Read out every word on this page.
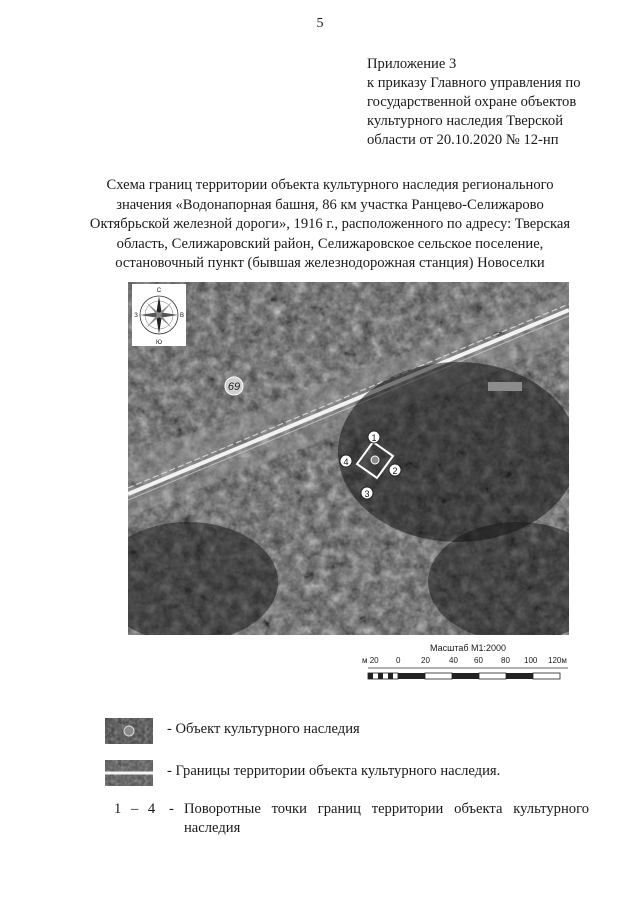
5
Приложение 3
к приказу Главного управления по
государственной охране объектов
культурного наследия Тверской
области от 20.10.2020 № 12-нп
Схема границ территории объекта культурного наследия регионального
значения «Водонапорная башня, 86 км участка Ранцево-Селижарово
Октябрьской железной дороги», 1916 г., расположенного по адресу: Тверская
область, Селижаровский район, Селижаровское сельское поселение,
остановочный пункт (бывшая железнодорожная станция) Новоселки
69
1
2
3
4
С
Ю
З	В
Масштаб М1:2000
м 20 0	20 40 60 80 100 120м
- Объект культурного наследия
- Границы территории объекта культурного наследия.
1 – 4 - Поворотные точки границ территории объекта культурного наследия
